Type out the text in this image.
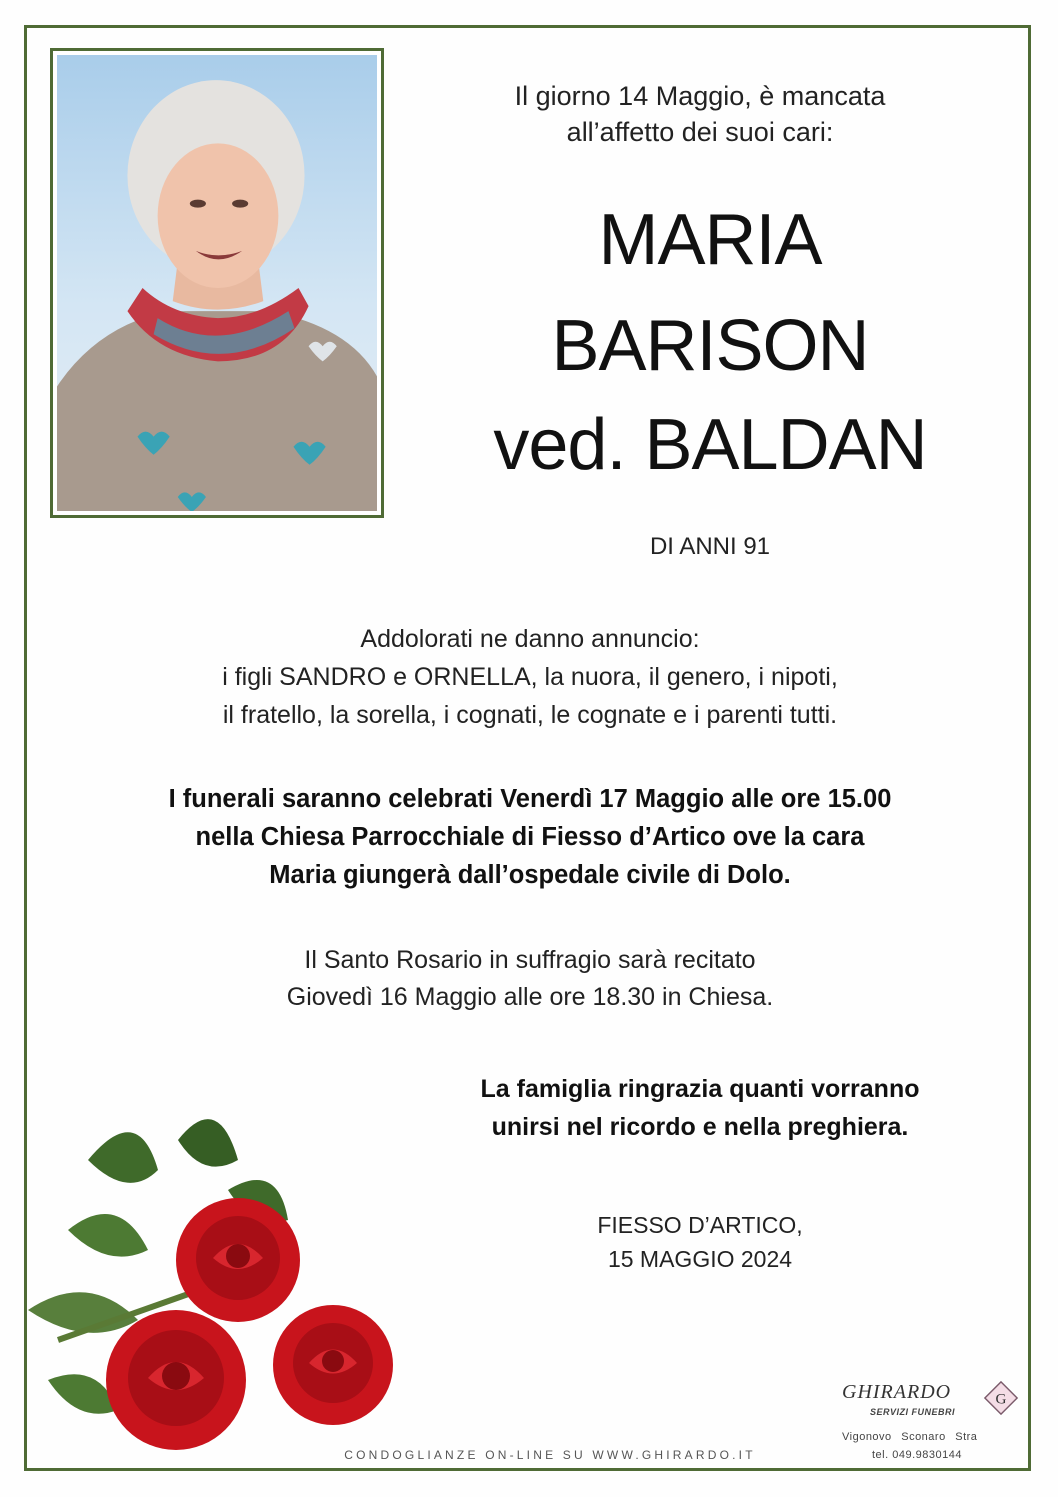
Il giorno 14 Maggio, è mancata
all’affetto dei suoi cari:
MARIA
BARISON
ved. BALDAN
DI ANNI 91
Addolorati ne danno annuncio:
i figli SANDRO e ORNELLA, la nuora, il genero, i nipoti,
il fratello, la sorella, i cognati, le cognate e i parenti tutti.
I funerali saranno celebrati Venerdì 17 Maggio alle ore 15.00
nella Chiesa Parrocchiale di Fiesso d’Artico ove la cara
Maria giungerà dall’ospedale civile di Dolo.
Il Santo Rosario in suffragio sarà recitato
Giovedì 16 Maggio alle ore 18.30 in Chiesa.
La famiglia ringrazia quanti vorranno
unirsi nel ricordo e nella preghiera.
FIESSO D’ARTICO,
15 MAGGIO 2024
CONDOGLIANZE ON-LINE SU WWW.GHIRARDO.IT
GHIRARDO
SERVIZI FUNEBRI
G
Vigonovo Sconaro Stra
tel. 049.9830144
